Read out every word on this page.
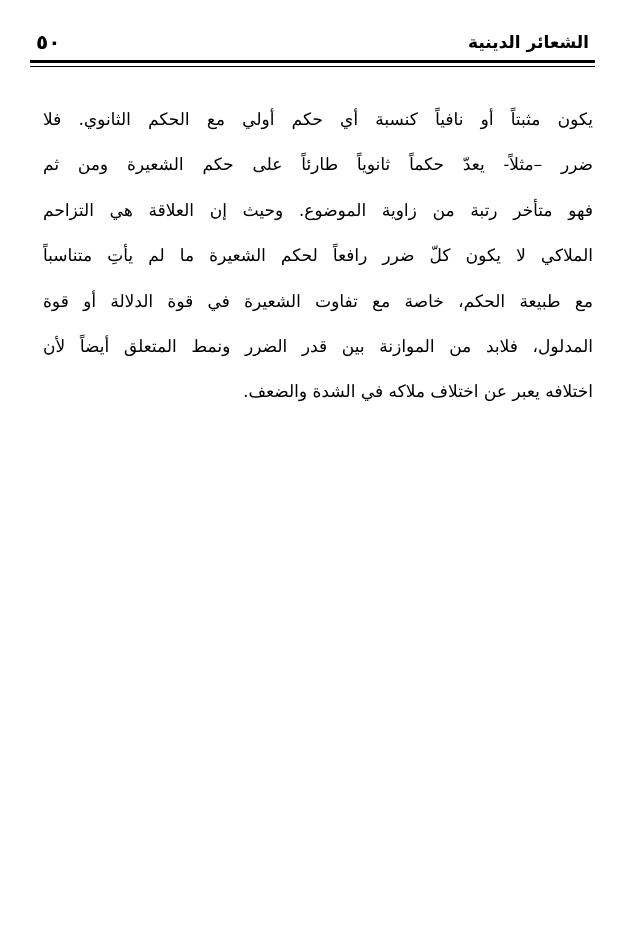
الشعائر الدينية
٥٠
يكون مثبتاً أو نافياً كنسبة أي حكم أولي مع الحكم الثانوي. فلا
ضرر –مثلاً- يعدّ حكماً ثانوياً طارئاً على حكم الشعيرة ومن ثم
فهو متأخر رتبة من زاوية الموضوع. وحيث إن العلاقة هي التزاحم
الملاكي لا يكون كلّ ضرر رافعاً لحكم الشعيرة ما لم يأتِ متناسباً
مع طبيعة الحكم، خاصة مع تفاوت الشعيرة في قوة الدلالة أو قوة
المدلول، فلابد من الموازنة بين قدر الضرر ونمط المتعلق أيضاً لأن
اختلافه يعبر عن اختلاف ملاكه في الشدة والضعف.
